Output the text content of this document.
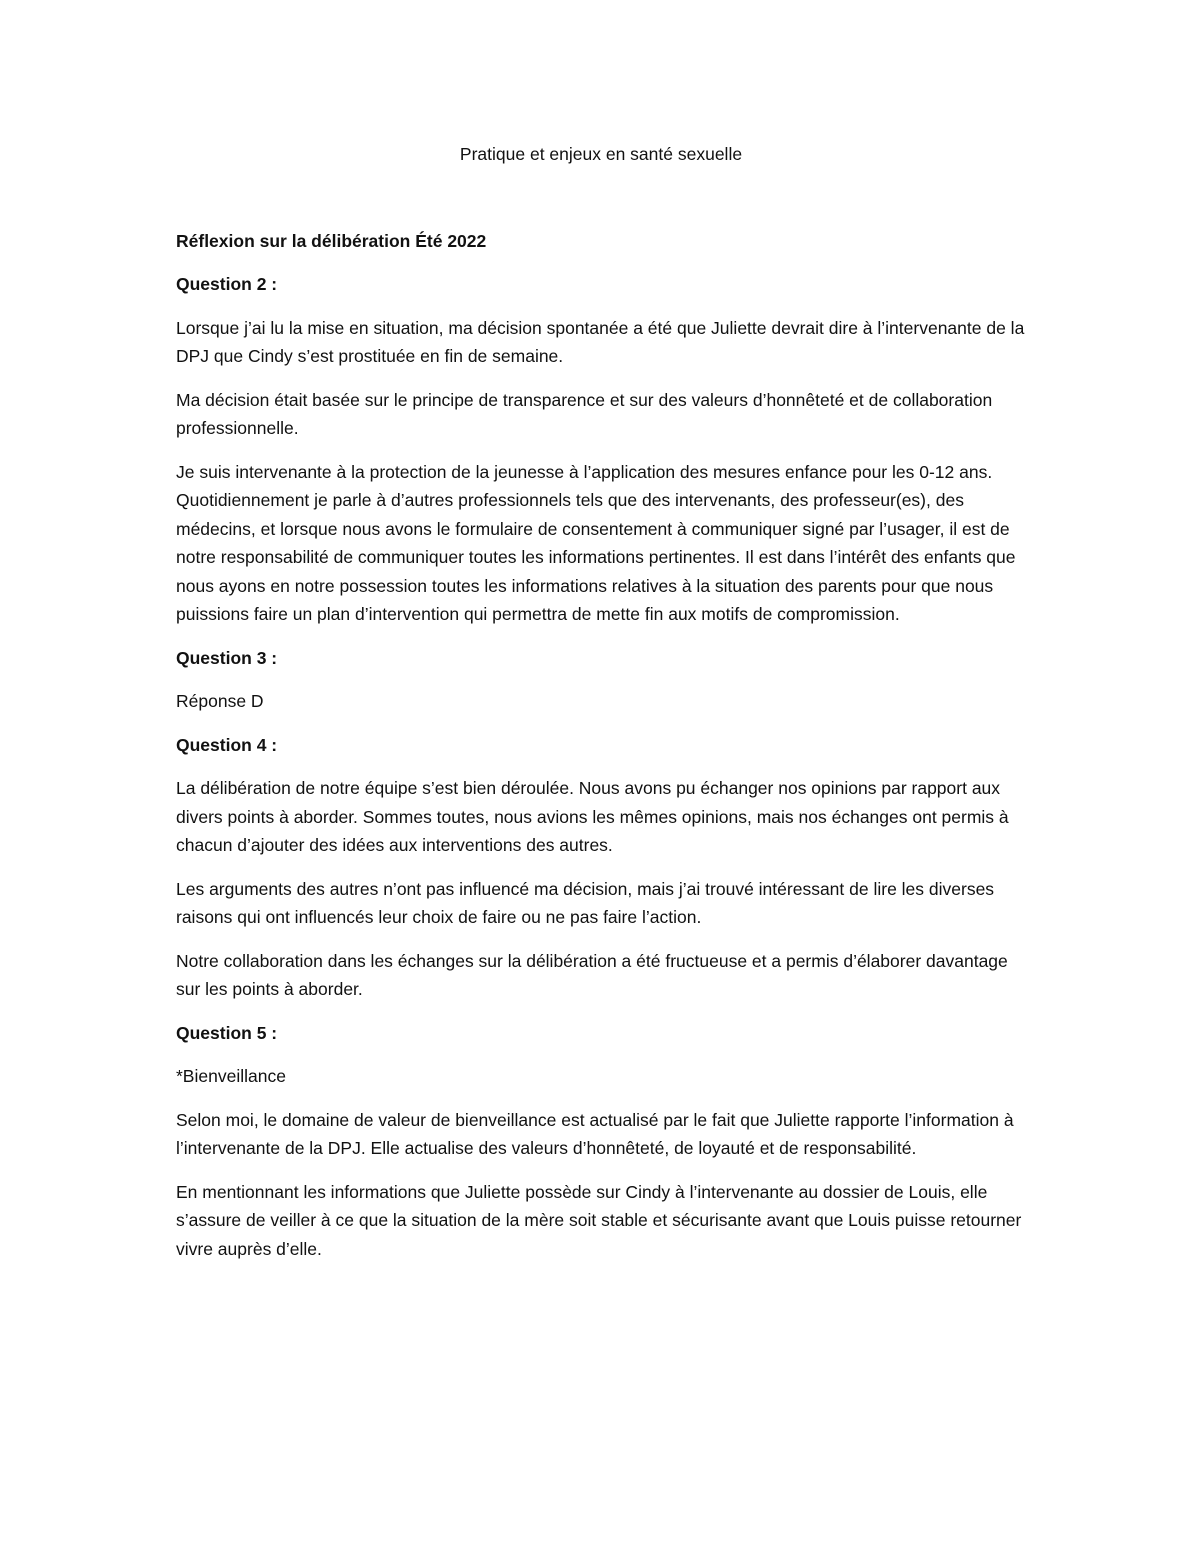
Pratique et enjeux en santé sexuelle

Réflexion sur la délibération Été 2022

Question 2 :

Lorsque j’ai lu la mise en situation, ma décision spontanée a été que Juliette devrait dire à l’intervenante de la DPJ que Cindy s’est prostituée en fin de semaine.

Ma décision était basée sur le principe de transparence et sur des valeurs d’honnêteté et de collaboration professionnelle.

Je suis intervenante à la protection de la jeunesse à l’application des mesures enfance pour les 0-12 ans. Quotidiennement je parle à d’autres professionnels tels que des intervenants, des professeur(es), des médecins, et lorsque nous avons le formulaire de consentement à communiquer signé par l’usager, il est de notre responsabilité de communiquer toutes les informations pertinentes. Il est dans l’intérêt des enfants que nous ayons en notre possession toutes les informations relatives à la situation des parents pour que nous puissions faire un plan d’intervention qui permettra de mette fin aux motifs de compromission.

Question 3 :

Réponse D

Question 4 :

La délibération de notre équipe s’est bien déroulée. Nous avons pu échanger nos opinions par rapport aux divers points à aborder. Sommes toutes, nous avions les mêmes opinions, mais nos échanges ont permis à chacun d’ajouter des idées aux interventions des autres.

Les arguments des autres n’ont pas influencé ma décision, mais j’ai trouvé intéressant de lire les diverses raisons qui ont influencés leur choix de faire ou ne pas faire l’action.

Notre collaboration dans les échanges sur la délibération a été fructueuse et a permis d’élaborer davantage sur les points à aborder.

Question 5 :

*Bienveillance

Selon moi, le domaine de valeur de bienveillance est actualisé par le fait que Juliette rapporte l’information à l’intervenante de la DPJ. Elle actualise des valeurs d’honnêteté, de loyauté et de responsabilité.

En mentionnant les informations que Juliette possède sur Cindy à l’intervenante au dossier de Louis, elle s’assure de veiller à ce que la situation de la mère soit stable et sécurisante avant que Louis puisse retourner vivre auprès d’elle.
